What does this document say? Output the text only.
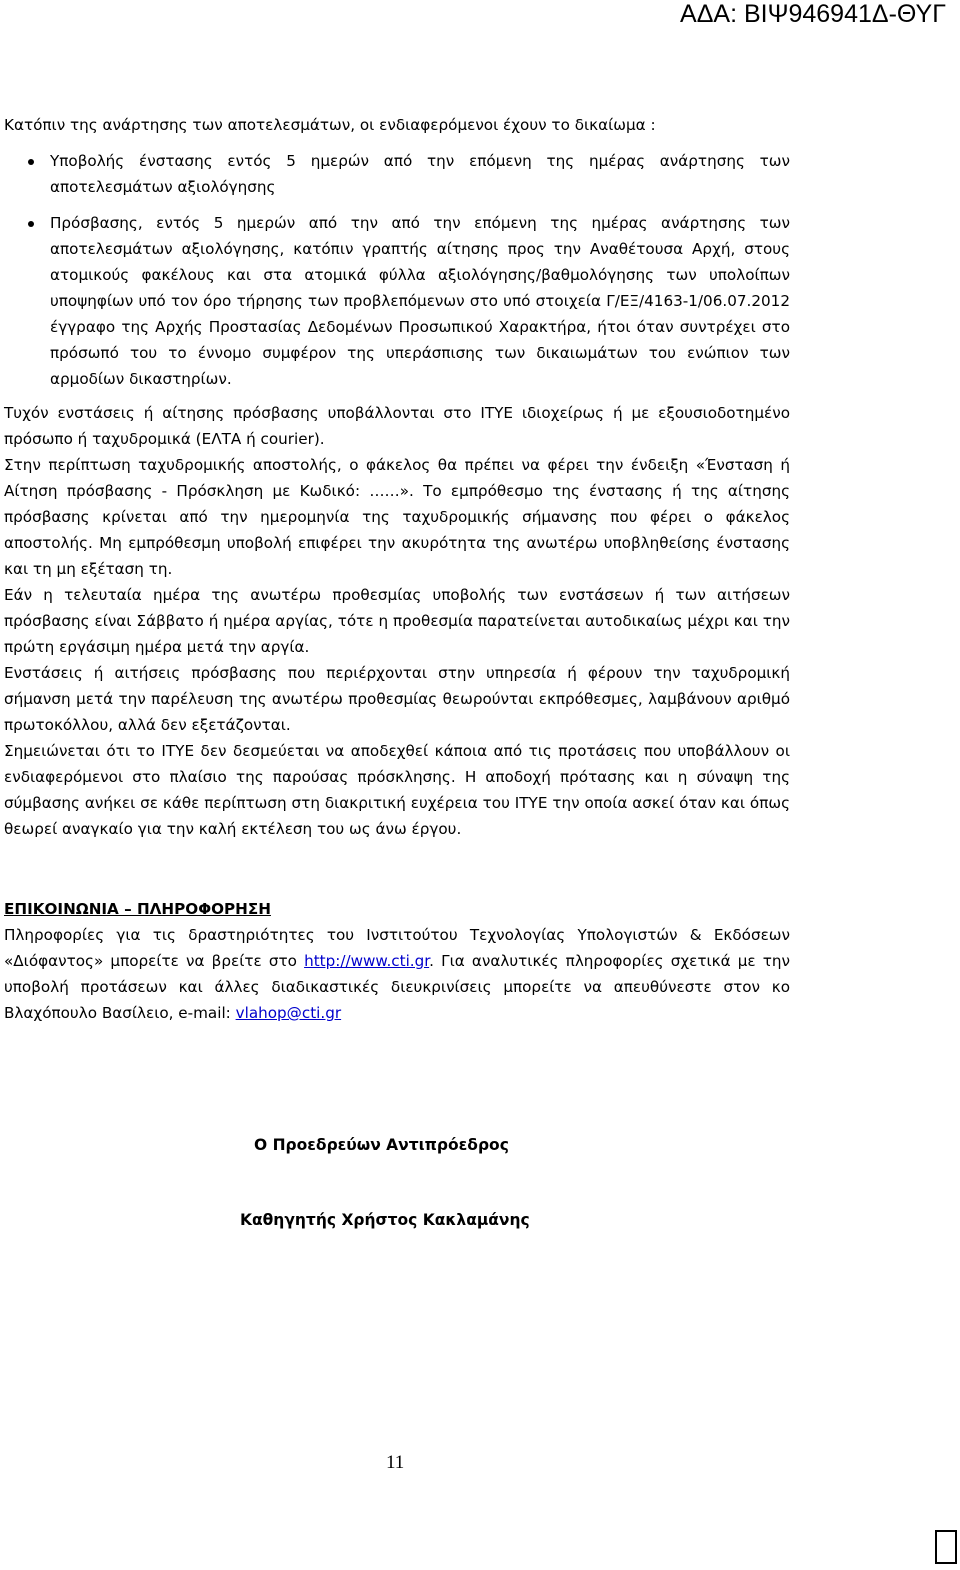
ΑΔΑ: ΒΙΨ946941Δ-ΘΥΓ

Κατόπιν της ανάρτησης των αποτελεσμάτων, οι ενδιαφερόμενοι έχουν το δικαίωμα :

Υποβολής ένστασης εντός 5 ημερών από την επόμενη της ημέρας ανάρτησης των αποτελεσμάτων αξιολόγησης
Πρόσβασης, εντός 5 ημερών από την από την επόμενη της ημέρας ανάρτησης των αποτελεσμάτων αξιολόγησης, κατόπιν γραπτής αίτησης προς την Αναθέτουσα Αρχή, στους ατομικούς φακέλους και στα ατομικά φύλλα αξιολόγησης/βαθμολόγησης των υπολοίπων υποψηφίων υπό τον όρο τήρησης των προβλεπόμενων στο υπό στοιχεία Γ/ΕΞ/4163-1/06.07.2012 έγγραφο της Αρχής Προστασίας Δεδομένων Προσωπικού Χαρακτήρα, ήτοι όταν συντρέχει στο πρόσωπό του το έννομο συμφέρον της υπεράσπισης των δικαιωμάτων του ενώπιον των αρμοδίων δικαστηρίων.

Τυχόν ενστάσεις ή αίτησης πρόσβασης υποβάλλονται στο ΙΤΥΕ ιδιοχείρως ή με εξουσιοδοτημένο πρόσωπο ή ταχυδρομικά (ΕΛΤΑ ή courier).

Στην περίπτωση ταχυδρομικής αποστολής, ο φάκελος θα πρέπει να φέρει την ένδειξη «Ένσταση ή Αίτηση πρόσβασης - Πρόσκληση με Κωδικό: ……». Το εμπρόθεσμο της ένστασης ή της αίτησης πρόσβασης κρίνεται από την ημερομηνία της ταχυδρομικής σήμανσης που φέρει ο φάκελος αποστολής. Μη εμπρόθεσμη υποβολή επιφέρει την ακυρότητα της ανωτέρω υποβληθείσης ένστασης και τη μη εξέταση τη.

Εάν η τελευταία ημέρα της ανωτέρω προθεσμίας υποβολής των ενστάσεων ή των αιτήσεων πρόσβασης είναι Σάββατο ή ημέρα αργίας, τότε η προθεσμία παρατείνεται αυτοδικαίως μέχρι και την πρώτη εργάσιμη ημέρα μετά την αργία.

Ενστάσεις ή αιτήσεις πρόσβασης που περιέρχονται στην υπηρεσία ή φέρουν την ταχυδρομική σήμανση μετά την παρέλευση της ανωτέρω προθεσμίας θεωρούνται εκπρόθεσμες, λαμβάνουν αριθμό πρωτοκόλλου, αλλά δεν εξετάζονται.

Σημειώνεται ότι το ΙΤΥΕ δεν δεσμεύεται να αποδεχθεί κάποια από τις προτάσεις που υποβάλλουν οι ενδιαφερόμενοι στο πλαίσιο της παρούσας πρόσκλησης. Η αποδοχή πρότασης και η σύναψη της σύμβασης ανήκει σε κάθε περίπτωση στη διακριτική ευχέρεια του ΙΤΥΕ την οποία ασκεί όταν και όπως θεωρεί αναγκαίο για την καλή εκτέλεση του ως άνω έργου.

ΕΠΙΚΟΙΝΩΝΙΑ – ΠΛΗΡΟΦΟΡΗΣΗ

Πληροφορίες για τις δραστηριότητες του Ινστιτούτου Τεχνολογίας Υπολογιστών & Εκδόσεων «Διόφαντος» μπορείτε να βρείτε στο http://www.cti.gr. Για αναλυτικές πληροφορίες σχετικά με την υποβολή προτάσεων και άλλες διαδικαστικές διευκρινίσεις μπορείτε να απευθύνεστε στον κο Βλαχόπουλο Βασίλειο, e-mail: vlahop@cti.gr

Ο Προεδρεύων Αντιπρόεδρος
Καθηγητής Χρήστος Κακλαμάνης
11
